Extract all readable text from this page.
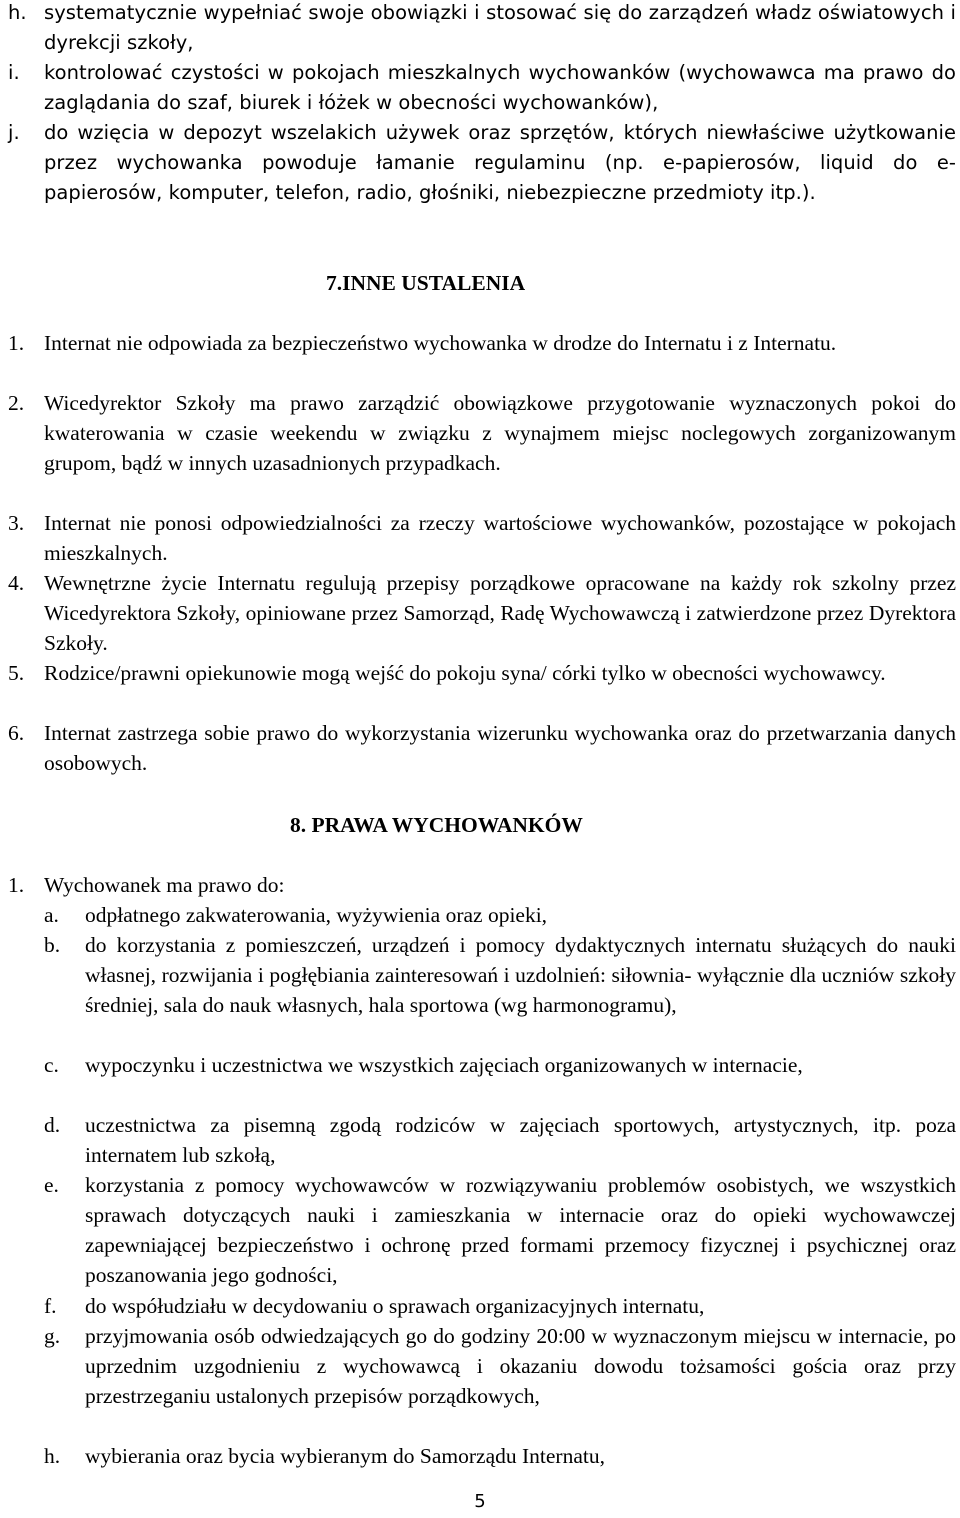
h. systematycznie wypełniać swoje obowiązki i stosować się do zarządzeń władz oświatowych i dyrekcji szkoły,
i. kontrolować czystości w pokojach mieszkalnych wychowanków (wychowawca ma prawo do zaglądania do szaf, biurek i łóżek w obecności wychowanków),
j. do wzięcia w depozyt wszelakich używek oraz sprzętów, których niewłaściwe użytkowanie przez wychowanka powoduje łamanie regulaminu (np. e-papierosów, liquid do e-papierosów, komputer, telefon, radio, głośniki, niebezpieczne przedmioty itp.).
7.INNE USTALENIA
1. Internat nie odpowiada za bezpieczeństwo wychowanka w drodze do Internatu i z Internatu.
2. Wicedyrektor Szkoły ma prawo zarządzić obowiązkowe przygotowanie wyznaczonych pokoi do kwaterowania w czasie weekendu w związku z wynajmem miejsc noclegowych zorganizowanym grupom, bądź w innych uzasadnionych przypadkach.
3. Internat nie ponosi odpowiedzialności za rzeczy wartościowe wychowanków, pozostające w pokojach mieszkalnych.
4. Wewnętrzne życie Internatu regulują przepisy porządkowe opracowane na każdy rok szkolny przez Wicedyrektora Szkoły, opiniowane przez Samorząd, Radę Wychowawczą i zatwierdzone przez Dyrektora Szkoły.
5. Rodzice/prawni opiekunowie mogą wejść do pokoju syna/ córki tylko w obecności wychowawcy.
6. Internat zastrzega sobie prawo do wykorzystania wizerunku wychowanka oraz do przetwarzania danych osobowych.
8. PRAWA WYCHOWANKÓW
1. Wychowanek ma prawo do:
a. odpłatnego zakwaterowania, wyżywienia oraz opieki,
b. do korzystania z pomieszczeń, urządzeń i pomocy dydaktycznych internatu służących do nauki własnej, rozwijania i pogłębiania zainteresowań i uzdolnień: siłownia- wyłącznie dla uczniów szkoły średniej, sala do nauk własnych, hala sportowa (wg harmonogramu),
c. wypoczynku i uczestnictwa we wszystkich zajęciach organizowanych w internacie,
d. uczestnictwa za pisemną zgodą rodziców w zajęciach sportowych, artystycznych, itp. poza internatem lub szkołą,
e. korzystania z pomocy wychowawców w rozwiązywaniu problemów osobistych, we wszystkich sprawach dotyczących nauki i zamieszkania w internacie oraz do opieki wychowawczej zapewniającej bezpieczeństwo i ochronę przed formami przemocy fizycznej i psychicznej oraz poszanowania jego godności,
f. do współudziału w decydowaniu o sprawach organizacyjnych internatu,
g. przyjmowania osób odwiedzających go do godziny 20:00 w wyznaczonym miejscu w internacie, po uprzednim uzgodnieniu z wychowawcą i okazaniu dowodu tożsamości gościa oraz przy przestrzeganiu ustalonych przepisów porządkowych,
h. wybierania oraz bycia wybieranym do Samorządu Internatu,
5
